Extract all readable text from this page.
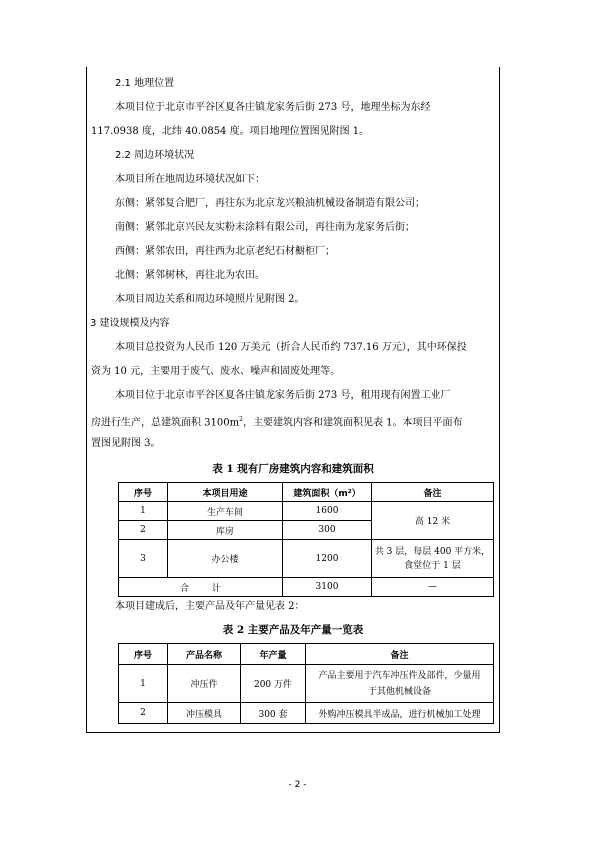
2.1 地理位置
本项目位于北京市平谷区夏各庄镇龙家务后街 273 号，地理坐标为东经
117.0938 度，北纬 40.0854 度。项目地理位置图见附图 1。
2.2 周边环境状况
本项目所在地周边环境状况如下：
东侧：紧邻复合肥厂，再往东为北京龙兴粮油机械设备制造有限公司；
南侧：紧邻北京兴民友实粉末涂料有限公司，再往南为龙家务后街；
西侧：紧邻农田，再往西为北京老纪石材橱柜厂；
北侧：紧邻树林，再往北为农田。
本项目周边关系和周边环境照片见附图 2。
3 建设规模及内容
本项目总投资为人民币 120 万美元（折合人民币约 737.16 万元），其中环保投
资为 10 元，主要用于废气、废水、噪声和固废处理等。
本项目位于北京市平谷区夏各庄镇龙家务后街 273 号，租用现有闲置工业厂
房进行生产，总建筑面积 $3100m^2$，主要建筑内容和建筑面积见表 1。本项目平面布
置图见附图 3。
表 1 现有厂房建筑内容和建筑面积
序号	本项目用途	建筑面积（m²）	备注
1	生产车间	1600	高 12 米
2	库房	300	
3	办公楼	1200	共 3 层，每层 400 平方米，
食堂位于 1 层
合        计		3100	—
本项目建成后，主要产品及年产量见表 2：
表 2 主要产品及年产量一览表
序号	产品名称	年产量	备注
1	冲压件	200 万件	产品主要用于汽车冲压件及部件，少量用
于其他机械设备
2	冲压模具	300 套	外购冲压模具半成品，进行机械加工处理
- 2 -
